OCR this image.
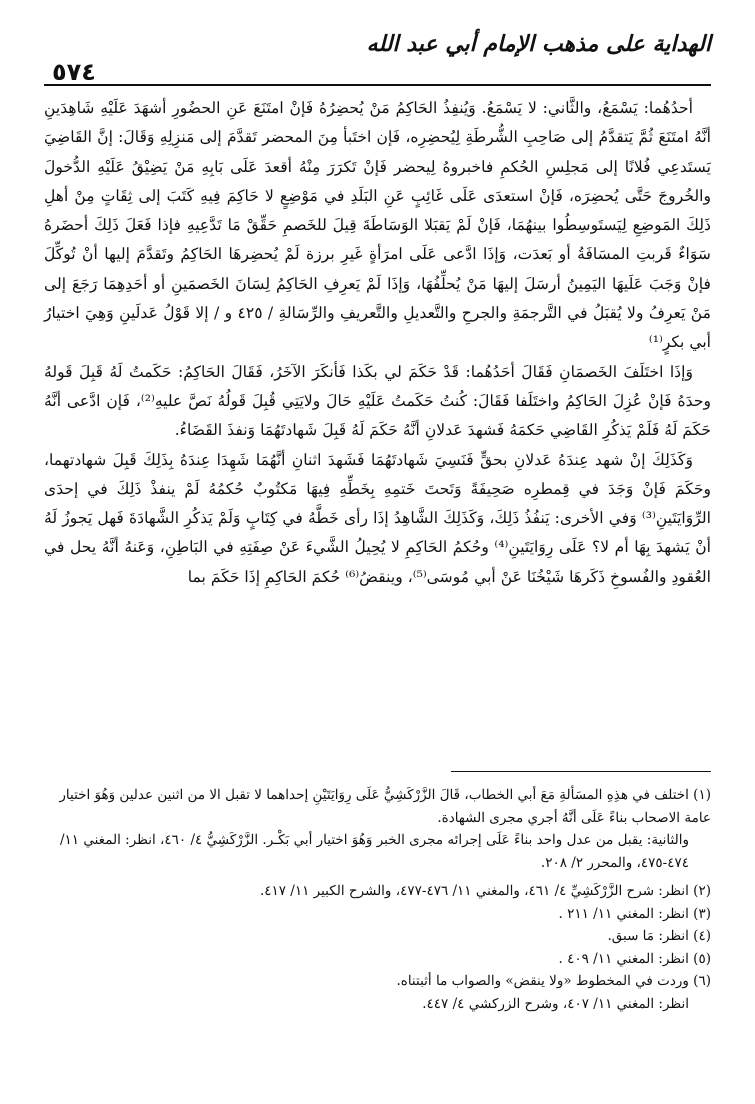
الهداية على مذهب الإمام أبي عبد الله
٥٧٤

أحدُهُما: يَسْمَعُ، والثَّاني: لا يَسْمَعُ. وَيُنفِذُ الحَاكِمُ مَنْ يُحضِرُهُ فَإنْ امتَنَعَ عَنِ الحضُورِ أشهَدَ عَلَيْهِ شَاهِدَينِ أنَّهُ امتَنَعَ ثُمَّ يَتقدَّمُ إلى صَاحِبِ الشُّرطَةِ لِيُحضِرِه، فَإن اختَبأ مِنَ المحضر تَقدَّمَ إلى مَنزِلِهِ وَقَالَ: إنَّ القَاضِيَ يَستَدعِي فُلانًا إلى مَجلِسِ الحُكمِ فاخبروهُ لِيحضر فَإنْ تَكرَرَ مِنْهُ أقعدَ عَلَى بَابِهِ مَنْ يَضِيْقُ عَلَيْهِ الدُّخولَ والخُروجَ حَتَّى يُحضِرَه، فَإنْ استعدَى عَلَى غَائِبٍ عَنِ البَلَدِ في مَوْضِعٍ لا حَاكِمَ فِيهِ كَتَبَ إلى ثِقَاتٍ مِنْ أهلِ ذَلِكَ المَوضِعِ لِيَستَوسِطُوا بينهُمَا، فَإنْ لَمْ يَقبَلا الوَسَاطَةَ قِيلَ للخَصمِ حَقِّقْ مَا تَدَّعِيهِ فإذا فَعَلَ ذَلِكَ أحضَرهُ سَوَاءٌ قَربتِ المسَافَةُ أو بَعدَت، وَإذَا ادَّعى عَلَى امرَأةٍ غَيرِ برزة لَمْ يُحضِرهَا الحَاكِمُ وتَقدَّمَ إليها أنْ تُوكِّلَ فإنْ وَجَبَ عَلَيهَا اليَمِينُ أرسَلَ إليهَا مَنْ يُحلِّفُهَا، وَإذَا لَمْ يَعرِفِ الحَاكِمُ لِسَانَ الخَصمَينِ أو أحَدِهِمَا رَجَعَ إلى مَنْ يَعرِفُ ولا يُقبَلُ في التَّرجمَةِ والجرحِ والتَّعديلِ والتَّعريفِ والرِّسَالةِ / ٤٢٥ و / إلا قَوْلُ عَدلَينِ وَهِيَ اختيارُ أبي بكرٍ⁽¹⁾

وَإذَا اختَلَفَ الخَصمَانِ فَقَالَ أحَدُهُما: قَدْ حَكَمَ لي بكَذا فَأنكَرَ الآخَرُ، فَقَالَ الحَاكِمُ: حَكَمتُ لَهُ قَبِلَ قَولهُ وحدَهُ فَإنْ عُزِلَ الحَاكِمُ واختَلَفا فَقَالَ: كُنتُ حَكَمتُ عَلَيْهِ حَالَ ولايَتِي قُبِلَ قَولُهُ نَصَّ عليهِ⁽²⁾، فَإن ادَّعى أنَّهُ حَكَمَ لَهُ فَلَمْ يَذكُرِ القَاضِي حَكمَهُ فَشهدَ عَدلانِ أنَّهُ حَكَمَ لَهُ قَبِلَ شَهادتَهُمَا وَنفذَ القَضَاءُ.

وَكَذَلِكَ إنْ شهد عِندَهُ عَدلانِ بحقٍّ فَنَسِيَ شَهادتَهُمَا فَشَهدَ اثنانِ أنَّهُمَا شَهِدَا عِندَهُ بِذَلِكَ قَبِلَ شهادتهما، وحَكَمَ فَإنْ وَجَدَ في قِمطرِه صَحِيفَةً وَتَحتَ خَتمِهِ بِخَطِّهِ فِيهَا مَكتُوبٌ حُكمُهُ لَمْ ينفذْ ذَلِكَ في إحدَى الرِّوَايَتَينِ⁽³⁾ وَفي الأخرى: يَنفُذُ ذَلِكَ، وَكَذَلِكَ الشَّاهِدُ إذَا رأى خَطَّهُ في كِتَابٍ وَلَمْ يَذكُرِ الشَّهادَةَ فَهل يَجوزُ لَهُ أنْ يَشهدَ بِهَا أم لا؟ عَلَى رِوَايَتَينِ⁽⁴⁾ وحُكمُ الحَاكِمِ لا يُحِيلُ الشَّيءَ عَنْ صِفَتِهِ في البَاطِنِ، وَعَنهُ أنَّهُ يحل في العُقودِ والفُسوخِ ذَكَرهَا شَيْخُنَا عَنْ أبي مُوسَى⁽⁵⁾، وينقضُ⁽⁶⁾ حُكمَ الحَاكِمِ إذَا حَكَمَ بما

(١) اختلف في هذِهِ المسَألةِ مَعَ أبي الخطاب، قَالَ الزَّرْكَشِيُّ عَلَى رِوَايَتَيْنِ إحداهما لا تقبل الا من اثنين عدلين وَهُوَ اختيار عامة الاصحاب بناءً عَلَى أنَّهُ أجري مجرى الشهادة.

والثانية: يقبل من عدل واحد بناءً عَلَى إجرائه مجرى الخبر وَهُوَ اختيار أبي بَكْـر. الزَّرْكَشِيُّ ٤/ ٤٦٠، انظر: المغني ١١/ ٤٧٤-٤٧٥، والمحرر ٢/ ٢٠٨.

(٢) انظر: شرح الزَّرْكَشِيِّ ٤/ ٤٦١، والمغني ١١/ ٤٧٦-٤٧٧، والشرح الكبير ١١/ ٤١٧.

(٣) انظر: المغني ١١/ ٢١١ .

(٤) انظر: مَا سبق.

(٥) انظر: المغني ١١/ ٤٠٩ .

(٦) وردت في المخطوط «ولا ينقض» والصواب ما أثبتناه.

انظر: المغني ١١/ ٤٠٧، وشرح الزركشي ٤/ ٤٤٧.
